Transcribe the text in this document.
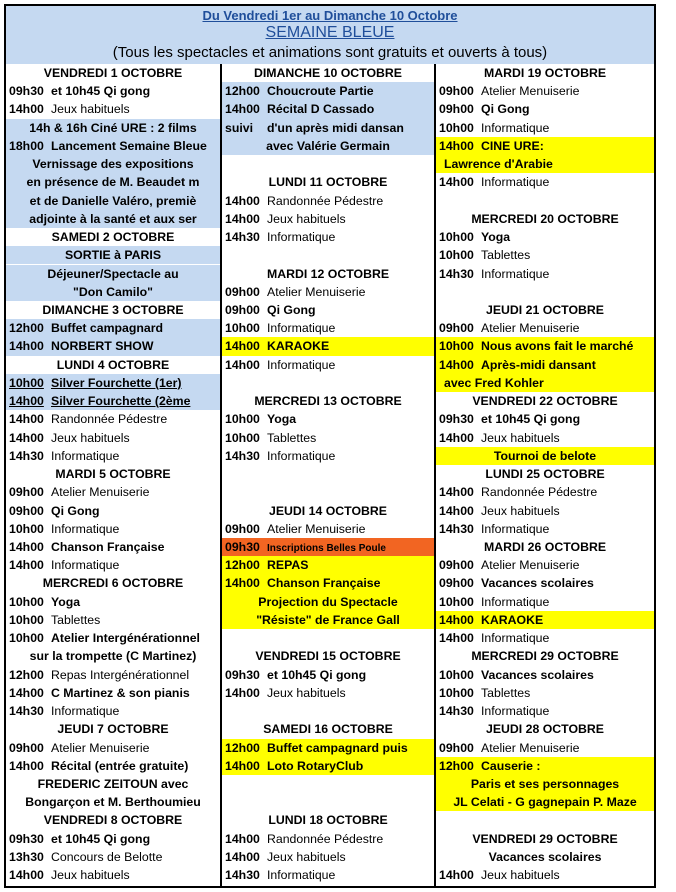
Du Vendredi 1er au Dimanche 10 Octobre
SEMAINE BLEUE
(Tous les spectacles et animations sont gratuits et ouverts à tous)
VENDREDI 1 OCTOBRE
09h30 et 10h45 Qi gong
14h00 Jeux habituels
14h & 16h Ciné URE : 2 films
18h00 Lancement Semaine Bleue
Vernissage des expositions
en présence de M. Beaudet m
et de Danielle Valéro, premiè
adjointe à la santé et aux ser
SAMEDI 2 OCTOBRE
SORTIE à PARIS
Déjeuner/Spectacle au
"Don Camilo"
DIMANCHE 3 OCTOBRE
12h00 Buffet campagnard
14h00 NORBERT SHOW
LUNDI 4 OCTOBRE
10h00 Silver Fourchette (1er)
14h00 Silver Fourchette (2ème
14h00 Randonnée Pédestre
14h00 Jeux habituels
14h30 Informatique
MARDI 5 OCTOBRE
09h00 Atelier Menuiserie
09h00 Qi Gong
10h00 Informatique
14h00 Chanson Française
14h00 Informatique
MERCREDI 6 OCTOBRE
10h00 Yoga
10h00 Tablettes
10h00 Atelier Intergénérationnel
sur la trompette (C Martinez)
12h00 Repas Intergénérationnel
14h00 C Martinez & son pianis
14h30 Informatique
JEUDI 7 OCTOBRE
09h00 Atelier Menuiserie
14h00 Récital (entrée gratuite)
FREDERIC ZEITOUN avec
Bongarçon et M. Berthoumieu
VENDREDI 8 OCTOBRE
09h30 et 10h45 Qi gong
13h30 Concours de Belotte
14h00 Jeux habituels
DIMANCHE 10 OCTOBRE
12h00 Choucroute Partie
14h00 Récital D Cassado
suivi d'un après midi dansan
avec Valérie Germain
LUNDI 11 OCTOBRE
14h00 Randonnée Pédestre
14h00 Jeux habituels
14h30 Informatique
MARDI 12 OCTOBRE
09h00 Atelier Menuiserie
09h00 Qi Gong
10h00 Informatique
14h00 KARAOKE
14h00 Informatique
MERCREDI 13 OCTOBRE
10h00 Yoga
10h00 Tablettes
14h30 Informatique
JEUDI 14 OCTOBRE
09h00 Atelier Menuiserie
09h30 Inscriptions Belles Poule
12h00 REPAS
14h00 Chanson Française
Projection du Spectacle
"Résiste" de France Gall
VENDREDI 15 OCTOBRE
09h30 et 10h45 Qi gong
14h00 Jeux habituels
SAMEDI 16 OCTOBRE
12h00 Buffet campagnard puis
14h00 Loto RotaryClub
LUNDI 18 OCTOBRE
14h00 Randonnée Pédestre
14h00 Jeux habituels
14h30 Informatique
MARDI 19 OCTOBRE
09h00 Atelier Menuiserie
09h00 Qi Gong
10h00 Informatique
14h00 CINE URE:
Lawrence d'Arabie
14h00 Informatique
MERCREDI 20 OCTOBRE
10h00 Yoga
10h00 Tablettes
14h30 Informatique
JEUDI 21 OCTOBRE
09h00 Atelier Menuiserie
10h00 Nous avons fait le marché
14h00 Après-midi dansant
avec Fred Kohler
VENDREDI 22 OCTOBRE
09h30 et 10h45 Qi gong
14h00 Jeux habituels
Tournoi de belote
LUNDI 25 OCTOBRE
14h00 Randonnée Pédestre
14h00 Jeux habituels
14h30 Informatique
MARDI 26 OCTOBRE
09h00 Atelier Menuiserie
09h00 Vacances scolaires
10h00 Informatique
14h00 KARAOKE
14h00 Informatique
MERCREDI 29 OCTOBRE
10h00 Vacances scolaires
10h00 Tablettes
14h30 Informatique
JEUDI 28 OCTOBRE
09h00 Atelier Menuiserie
12h00 Causerie :
Paris et ses personnages
JL Celati - G gagnepain P. Maze
VENDREDI 29 OCTOBRE
Vacances scolaires
14h00 Jeux habituels
